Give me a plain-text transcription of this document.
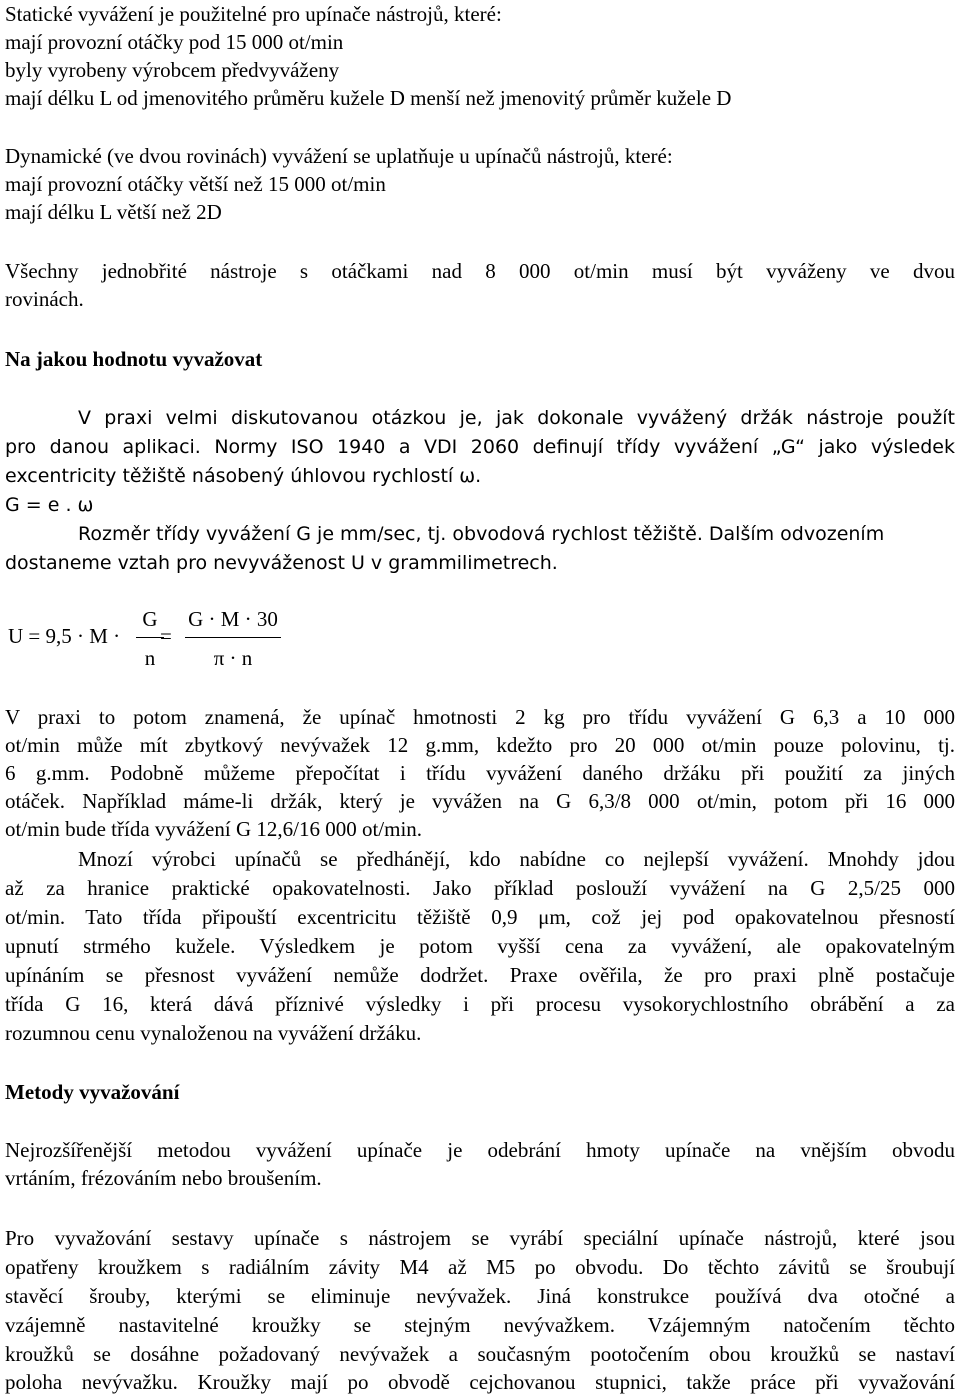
Statické vyvážení je použitelné pro upínače nástrojů, které:
mají provozní otáčky pod 15 000 ot/min
byly vyrobeny výrobcem předvyváženy
mají délku L od jmenovitého průměru kužele D menší než jmenovitý průměr kužele D
Dynamické (ve dvou rovinách) vyvážení se uplatňuje u upínačů nástrojů, které:
mají provozní otáčky větší než 15 000 ot/min
mají délku L větší než 2D
Všechny jednobřité nástroje s otáčkami nad 8 000 ot/min musí být vyváženy ve dvou
rovinách.
Na jakou hodnotu vyvažovat
V praxi velmi diskutovanou otázkou je, jak dokonale vyvážený držák nástroje použít
pro danou aplikaci. Normy ISO 1940 a VDI 2060 definují třídy vyvážení „G“ jako výsledek
excentricity těžiště násobený úhlovou rychlostí ω.
G = e . ω
Rozměr třídy vyvážení G je mm/sec, tj. obvodová rychlost těžiště. Dalším odvozením
dostaneme vztah pro nevyváženost U v grammilimetrech.
U = 9,5 · M ·
G
n
=
G · M · 30
π · n
V praxi to potom znamená, že upínač hmotnosti 2 kg pro třídu vyvážení G 6,3 a 10 000
ot/min může mít zbytkový nevývažek 12 g.mm, kdežto pro 20 000 ot/min pouze polovinu, tj.
6 g.mm. Podobně můžeme přepočítat i třídu vyvážení daného držáku při použití za jiných
otáček. Například máme-li držák, který je vyvážen na G 6,3/8 000 ot/min, potom při 16 000
ot/min bude třída vyvážení G 12,6/16 000 ot/min.
Mnozí výrobci upínačů se předhánějí, kdo nabídne co nejlepší vyvážení. Mnohdy jdou
až za hranice praktické opakovatelnosti. Jako příklad poslouží vyvážení na G 2,5/25 000
ot/min. Tato třída připouští excentricitu těžiště 0,9 μm, což jej pod opakovatelnou přesností
upnutí strmého kužele. Výsledkem je potom vyšší cena za vyvážení, ale opakovatelným
upínáním se přesnost vyvážení nemůže dodržet. Praxe ověřila, že pro praxi plně postačuje
třída G 16, která dává příznivé výsledky i při procesu vysokorychlostního obrábění a za
rozumnou cenu vynaloženou na vyvážení držáku.
Metody vyvažování
Nejrozšířenější metodou vyvážení upínače je odebrání hmoty upínače na vnějším obvodu
vrtáním, frézováním nebo broušením.
Pro vyvažování sestavy upínače s nástrojem se vyrábí speciální upínače nástrojů, které jsou
opatřeny kroužkem s radiálním závity M4 až M5 po obvodu. Do těchto závitů se šroubují
stavěcí šrouby, kterými se eliminuje nevývažek. Jiná konstrukce používá dva otočné a
vzájemně nastavitelné kroužky se stejným nevývažkem. Vzájemným natočením těchto
kroužků se dosáhne požadovaný nevývažek a současným pootočením obou kroužků se nastaví
poloha nevývažku. Kroužky mají po obvodě cejchovanou stupnici, takže práce při vyvažování
